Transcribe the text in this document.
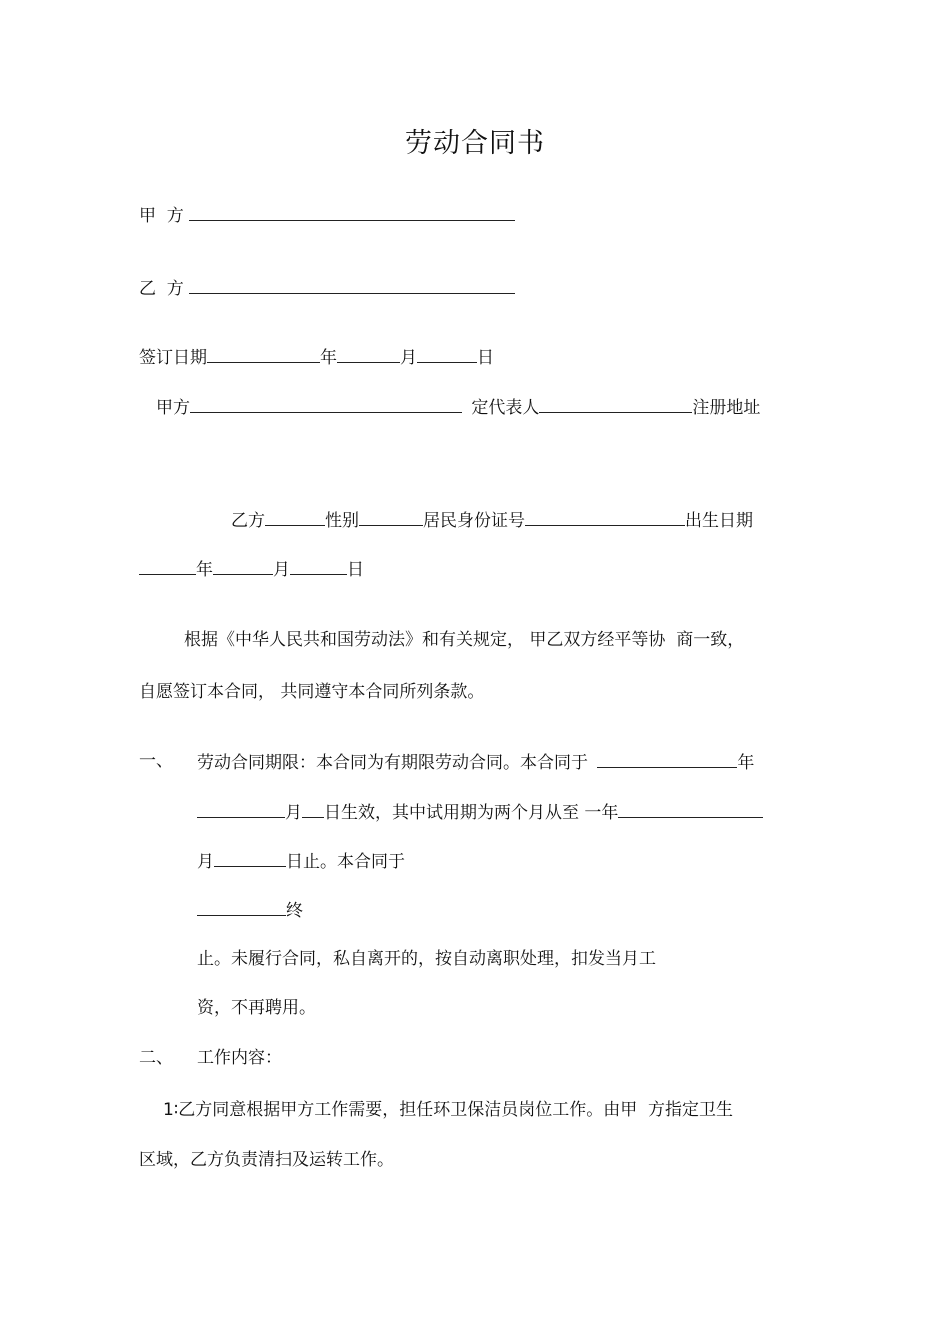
劳动合同书
甲  方
乙  方
签订日期	年	月	日
甲方	定代表人	注册地址
乙方	性别	居民身份证号	出生日期
年	月	日
根据《中华人民共和国劳动法》和有关规定， 甲乙双方经平等协  商一致，
自愿签订本合同， 共同遵守本合同所列条款。
一、 劳动合同期限：本合同为有期限劳动合同。本合同于	年
月 日生效，其中试用期为两个月从至 一年
月	日止。本合同于
终
止。未履行合同，私自离开的，按自动离职处理，扣发当月工
资，不再聘用。
二、 工作内容：
1∶乙方同意根据甲方工作需要，担任环卫保洁员岗位工作。由甲  方指定卫生
区域，乙方负责清扫及运转工作。
